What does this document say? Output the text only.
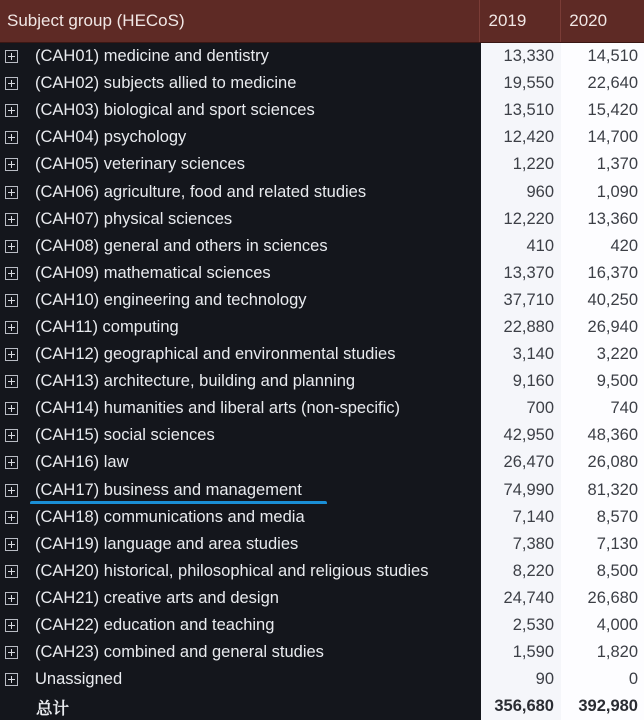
Subject group (HECoS)	2019	2020
(CAH01) medicine and dentistry	13,330	14,510
(CAH02) subjects allied to medicine	19,550	22,640
(CAH03) biological and sport sciences	13,510	15,420
(CAH04) psychology	12,420	14,700
(CAH05) veterinary sciences	1,220	1,370
(CAH06) agriculture, food and related studies	960	1,090
(CAH07) physical sciences	12,220	13,360
(CAH08) general and others in sciences	410	420
(CAH09) mathematical sciences	13,370	16,370
(CAH10) engineering and technology	37,710	40,250
(CAH11) computing	22,880	26,940
(CAH12) geographical and environmental studies	3,140	3,220
(CAH13) architecture, building and planning	9,160	9,500
(CAH14) humanities and liberal arts (non-specific)	700	740
(CAH15) social sciences	42,950	48,360
(CAH16) law	26,470	26,080
(CAH17) business and management	74,990	81,320
(CAH18) communications and media	7,140	8,570
(CAH19) language and area studies	7,380	7,130
(CAH20) historical, philosophical and religious studies	8,220	8,500
(CAH21) creative arts and design	24,740	26,680
(CAH22) education and teaching	2,530	4,000
(CAH23) combined and general studies	1,590	1,820
Unassigned	90	0
总计	356,680	392,980
